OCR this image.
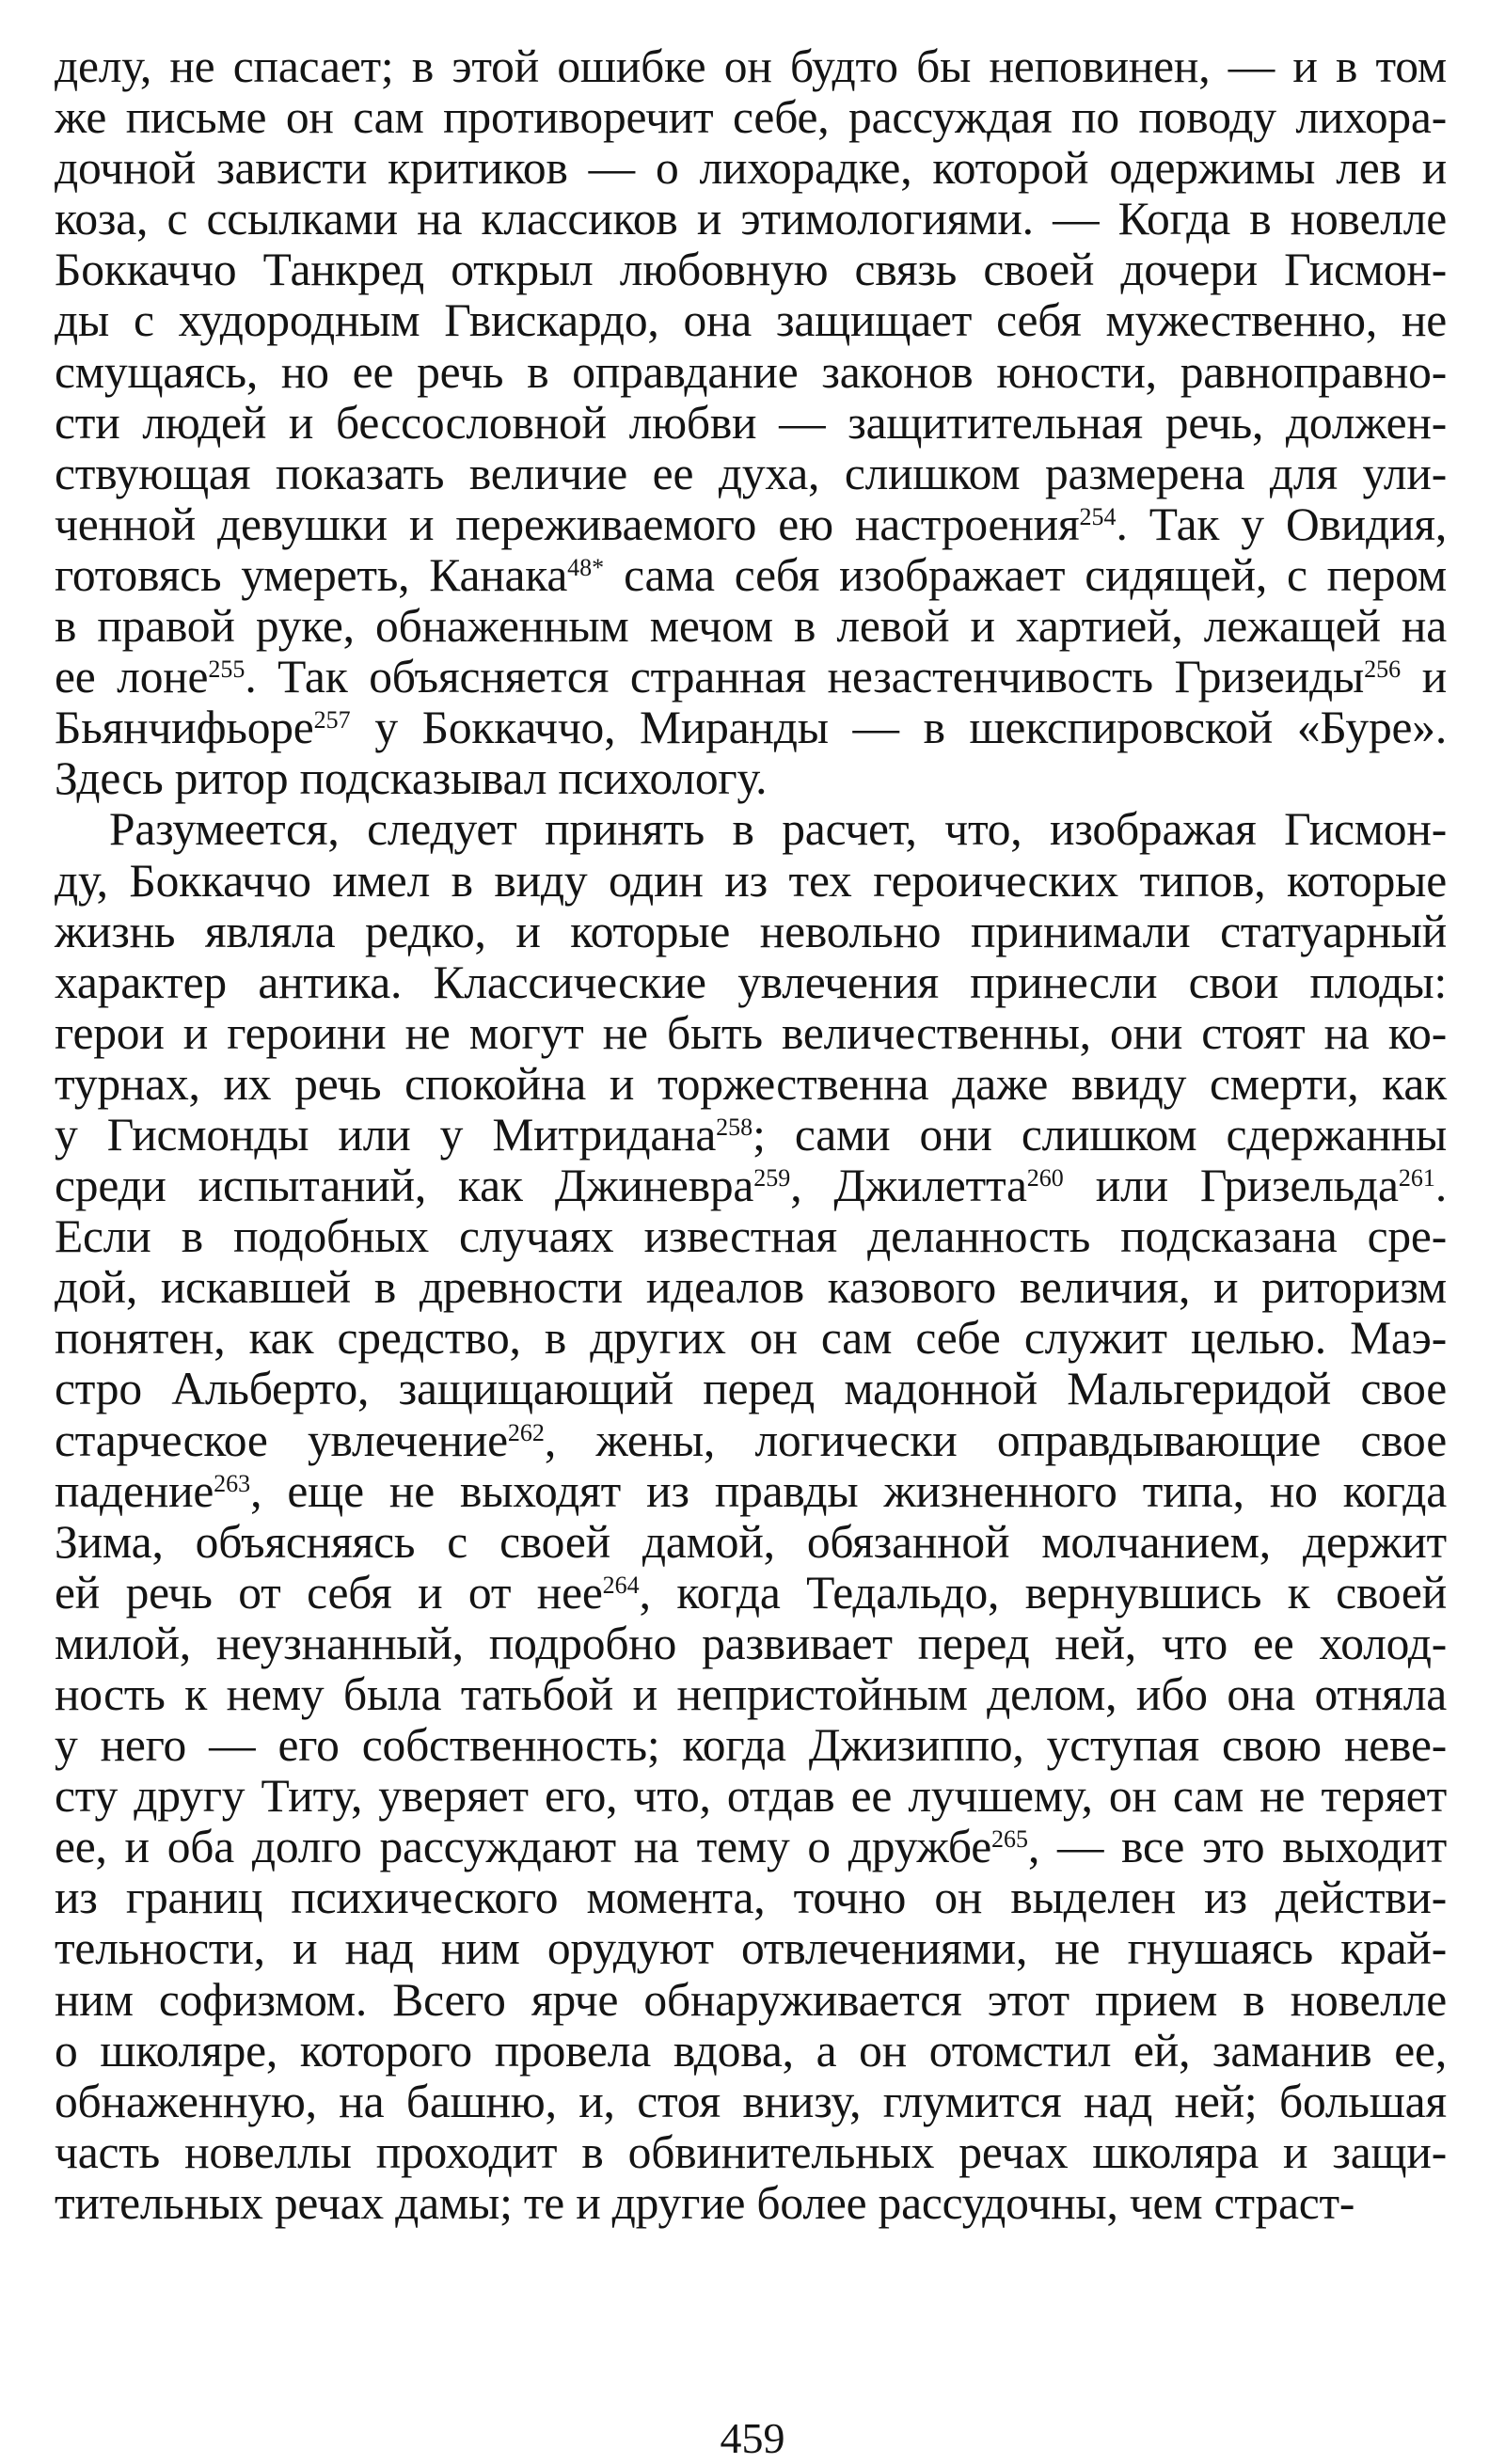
делу, не спасает; в этой ошибке он будто бы неповинен, — и в том
же письме он сам противоречит себе, рассуждая по поводу лихора-
дочной зависти критиков — о лихорадке, которой одержимы лев и
коза, с ссылками на классиков и этимологиями. — Когда в новелле
Боккаччо Танкред открыл любовную связь своей дочери Гисмон-
ды с худородным Гвискардо, она защищает себя мужественно, не
смущаясь, но ее речь в оправдание законов юности, равноправно-
сти людей и бессословной любви — защитительная речь, должен-
ствующая показать величие ее духа, слишком размерена для ули-
ченной девушки и переживаемого ею настроения$^{254}$. Так у Овидия,
готовясь умереть, Канака$^{48*}$ сама себя изображает сидящей, с пером
в правой руке, обнаженным мечом в левой и хартией, лежащей на
ее лоне$^{255}$. Так объясняется странная незастенчивость Гризеиды$^{256}$ и
Бьянчифьоре$^{257}$ у Боккаччо, Миранды — в шекспировской «Буре».
Здесь ритор подсказывал психологу.
Разумеется, следует принять в расчет, что, изображая Гисмон-
ду, Боккаччо имел в виду один из тех героических типов, которые
жизнь являла редко, и которые невольно принимали статуарный
характер антика. Классические увлечения принесли свои плоды:
герои и героини не могут не быть величественны, они стоят на ко-
турнах, их речь спокойна и торжественна даже ввиду смерти, как
у Гисмонды или у Митридана$^{258}$; сами они слишком сдержанны
среди испытаний, как Джиневра$^{259}$, Джилетта$^{260}$ или Гризельда$^{261}$.
Если в подобных случаях известная деланность подсказана сре-
дой, искавшей в древности идеалов казового величия, и риторизм
понятен, как средство, в других он сам себе служит целью. Маэ-
стро Альберто, защищающий перед мадонной Мальгеридой свое
старческое увлечение$^{262}$, жены, логически оправдывающие свое
падение$^{263}$, еще не выходят из правды жизненного типа, но когда
Зима, объясняясь с своей дамой, обязанной молчанием, держит
ей речь от себя и от нее$^{264}$, когда Тедальдо, вернувшись к своей
милой, неузнанный, подробно развивает перед ней, что ее холод-
ность к нему была татьбой и непристойным делом, ибо она отняла
у него — его собственность; когда Джизиппо, уступая свою неве-
сту другу Титу, уверяет его, что, отдав ее лучшему, он сам не теряет
ее, и оба долго рассуждают на тему о дружбе$^{265}$, — все это выходит
из границ психического момента, точно он выделен из действи-
тельности, и над ним орудуют отвлечениями, не гнушаясь край-
ним софизмом. Всего ярче обнаруживается этот прием в новелле
о школяре, которого провела вдова, а он отомстил ей, заманив ее,
обнаженную, на башню, и, стоя внизу, глумится над ней; большая
часть новеллы проходит в обвинительных речах школяра и защи-
тительных речах дамы; те и другие более рассудочны, чем страст-
459
